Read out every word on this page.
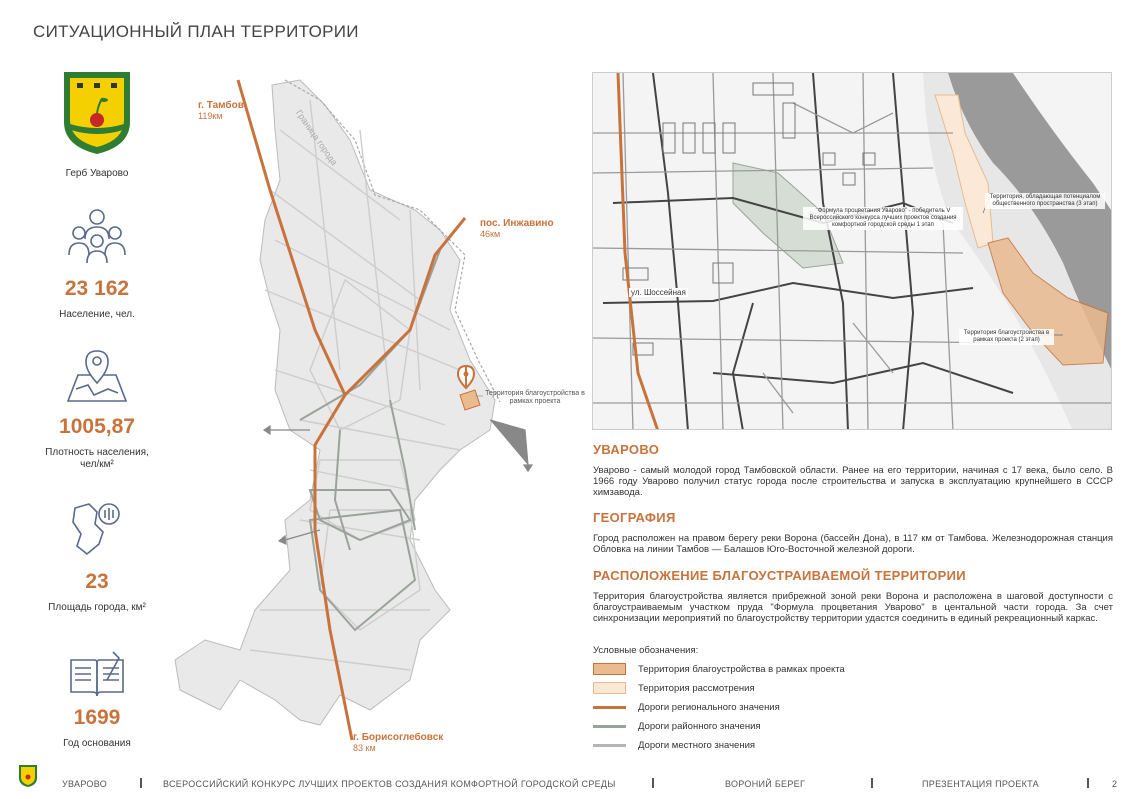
СИТУАЦИОННЫЙ ПЛАН ТЕРРИТОРИИ
Герб Уварово
23 162
Население, чел.
1005,87
Плотность населения, чел/км²
23
Площадь города, км²
1699
Год основания
г. Тамбов
119км
пос. Инжавино
46км
г. Борисоглебовск
83 км
Граница города
Территория благоустройства в рамках проекта
ул. Шоссейная
"Формула процветания Уварово" - победитель V Всероссийского конкурса лучших проектов создания комфортной городской среды 1 этап
Территория, обладающая потенциалом общественного пространства (3 этап)
Территория благоустройства в рамках проекта (2 этап)
УВАРОВО
Уварово - самый молодой город Тамбовской области. Ранее на его территории, начиная с 17 века, было село. В 1966 году Уварово получил статус города после строительства и запуска в эксплуатацию крупнейшего в СССР химзавода.
ГЕОГРАФИЯ
Город расположен на правом берегу реки Ворона (бассейн Дона), в 117 км от Тамбова. Железнодорожная станция Обловка на линии Тамбов — Балашов Юго-Восточной железной дороги.
РАСПОЛОЖЕНИЕ БЛАГОУСТРАИВАЕМОЙ ТЕРРИТОРИИ
Территория благоустройства является прибрежной зоной реки Ворона и расположена в шаговой доступности с благоустраиваемым участком пруда "Формула процветания Уварово" в центальной части города. За счет синхронизации мероприятий по благоустройству территории удастся соединить в единый рекреационный каркас.
Условные обозначения:
Территория благоустройства в рамках проекта
Территория рассмотрения
Дороги регионального значения
Дороги районного значения
Дороги местного значения
УВАРОВО	ВСЕРОССИЙСКИЙ КОНКУРС ЛУЧШИХ ПРОЕКТОВ СОЗДАНИЯ КОМФОРТНОЙ ГОРОДСКОЙ СРЕДЫ	ВОРОНИЙ БЕРЕГ	ПРЕЗЕНТАЦИЯ ПРОЕКТА	2
